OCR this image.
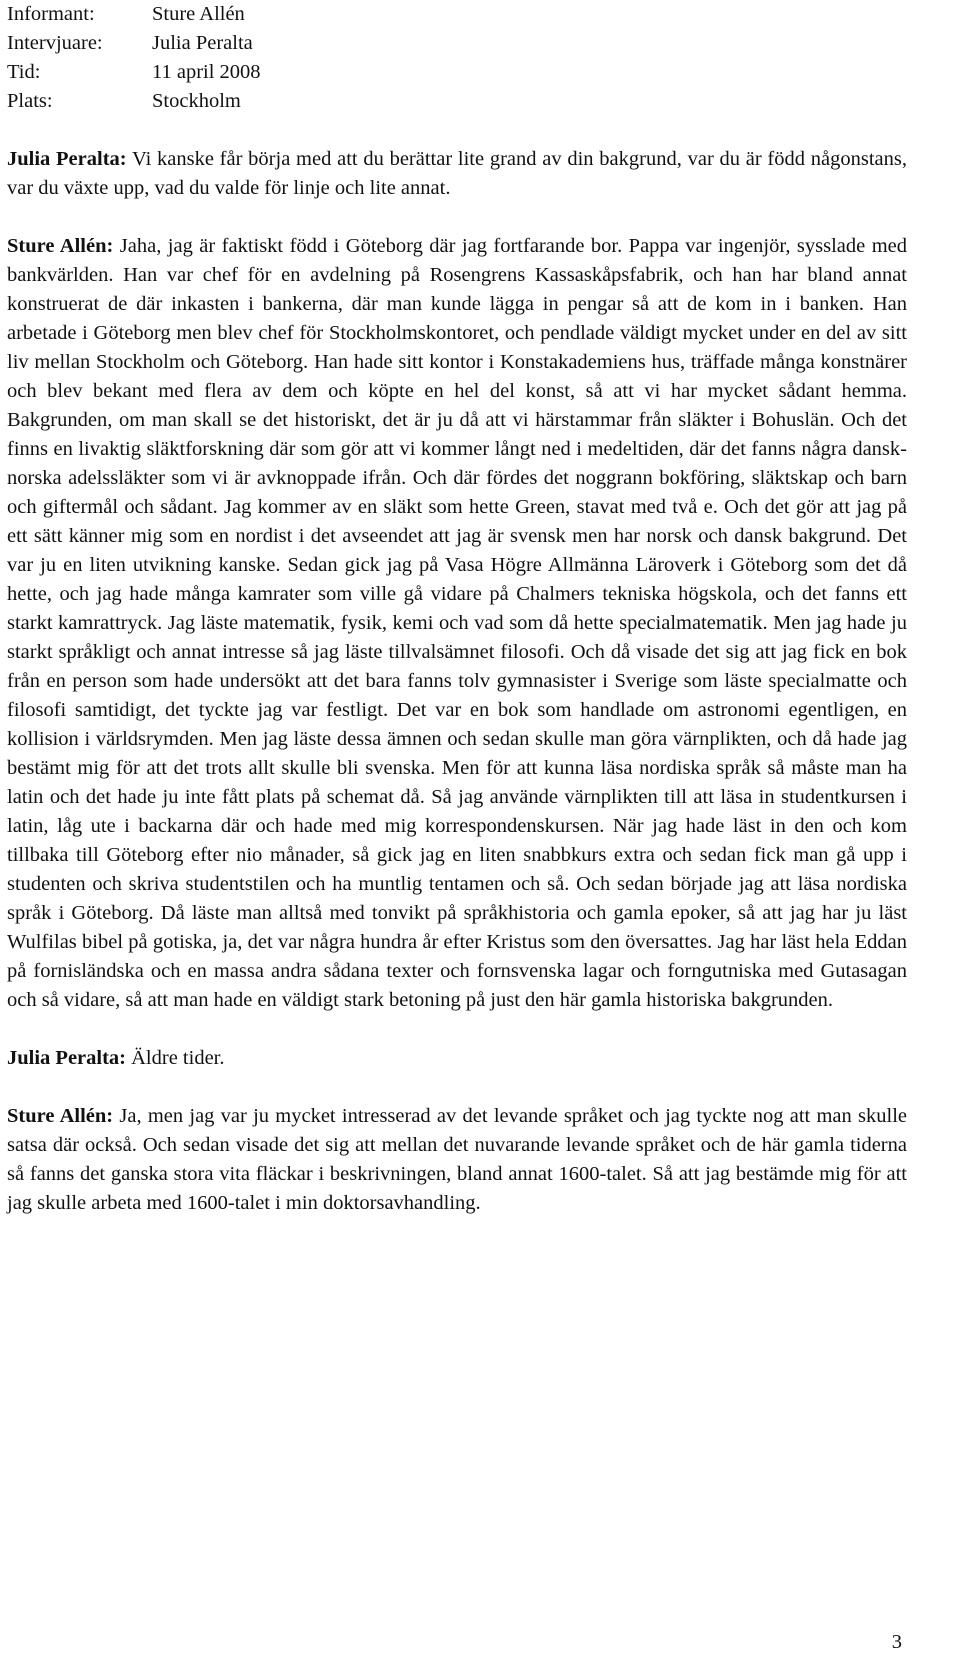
Informant:	Sture Allén
Intervjuare:	Julia Peralta
Tid:	11 april 2008
Plats:	Stockholm

Julia Peralta: Vi kanske får börja med att du berättar lite grand av din bakgrund, var du är född någonstans, var du växte upp, vad du valde för linje och lite annat.

Sture Allén: Jaha, jag är faktiskt född i Göteborg där jag fortfarande bor. Pappa var ingenjör, sysslade med bankvärlden. Han var chef för en avdelning på Rosengrens Kassaskåpsfabrik, och han har bland annat konstruerat de där inkasten i bankerna, där man kunde lägga in pengar så att de kom in i banken. Han arbetade i Göteborg men blev chef för Stockholmskontoret, och pendlade väldigt mycket under en del av sitt liv mellan Stockholm och Göteborg. Han hade sitt kontor i Konstakademiens hus, träffade många konstnärer och blev bekant med flera av dem och köpte en hel del konst, så att vi har mycket sådant hemma. Bakgrunden, om man skall se det historiskt, det är ju då att vi härstammar från släkter i Bohuslän. Och det finns en livaktig släktforskning där som gör att vi kommer långt ned i medeltiden, där det fanns några dansk-norska adelssläkter som vi är avknoppade ifrån. Och där fördes det noggrann bokföring, släktskap och barn och giftermål och sådant. Jag kommer av en släkt som hette Green, stavat med två e. Och det gör att jag på ett sätt känner mig som en nordist i det avseendet att jag är svensk men har norsk och dansk bakgrund. Det var ju en liten utvikning kanske. Sedan gick jag på Vasa Högre Allmänna Läroverk i Göteborg som det då hette, och jag hade många kamrater som ville gå vidare på Chalmers tekniska högskola, och det fanns ett starkt kamrattryck. Jag läste matematik, fysik, kemi och vad som då hette specialmatematik. Men jag hade ju starkt språkligt och annat intresse så jag läste tillvalsämnet filosofi. Och då visade det sig att jag fick en bok från en person som hade undersökt att det bara fanns tolv gymnasister i Sverige som läste specialmatte och filosofi samtidigt, det tyckte jag var festligt. Det var en bok som handlade om astronomi egentligen, en kollision i världsrymden. Men jag läste dessa ämnen och sedan skulle man göra värnplikten, och då hade jag bestämt mig för att det trots allt skulle bli svenska. Men för att kunna läsa nordiska språk så måste man ha latin och det hade ju inte fått plats på schemat då. Så jag använde värnplikten till att läsa in studentkursen i latin, låg ute i backarna där och hade med mig korrespondenskursen. När jag hade läst in den och kom tillbaka till Göteborg efter nio månader, så gick jag en liten snabbkurs extra och sedan fick man gå upp i studenten och skriva studentstilen och ha muntlig tentamen och så. Och sedan började jag att läsa nordiska språk i Göteborg. Då läste man alltså med tonvikt på språkhistoria och gamla epoker, så att jag har ju läst Wulfilas bibel på gotiska, ja, det var några hundra år efter Kristus som den översattes. Jag har läst hela Eddan på fornisländska och en massa andra sådana texter och fornsvenska lagar och forngutniska med Gutasagan och så vidare, så att man hade en väldigt stark betoning på just den här gamla historiska bakgrunden.

Julia Peralta: Äldre tider.

Sture Allén: Ja, men jag var ju mycket intresserad av det levande språket och jag tyckte nog att man skulle satsa där också. Och sedan visade det sig att mellan det nuvarande levande språket och de här gamla tiderna så fanns det ganska stora vita fläckar i beskrivningen, bland annat 1600-talet. Så att jag bestämde mig för att jag skulle arbeta med 1600-talet i min doktorsavhandling.

3
